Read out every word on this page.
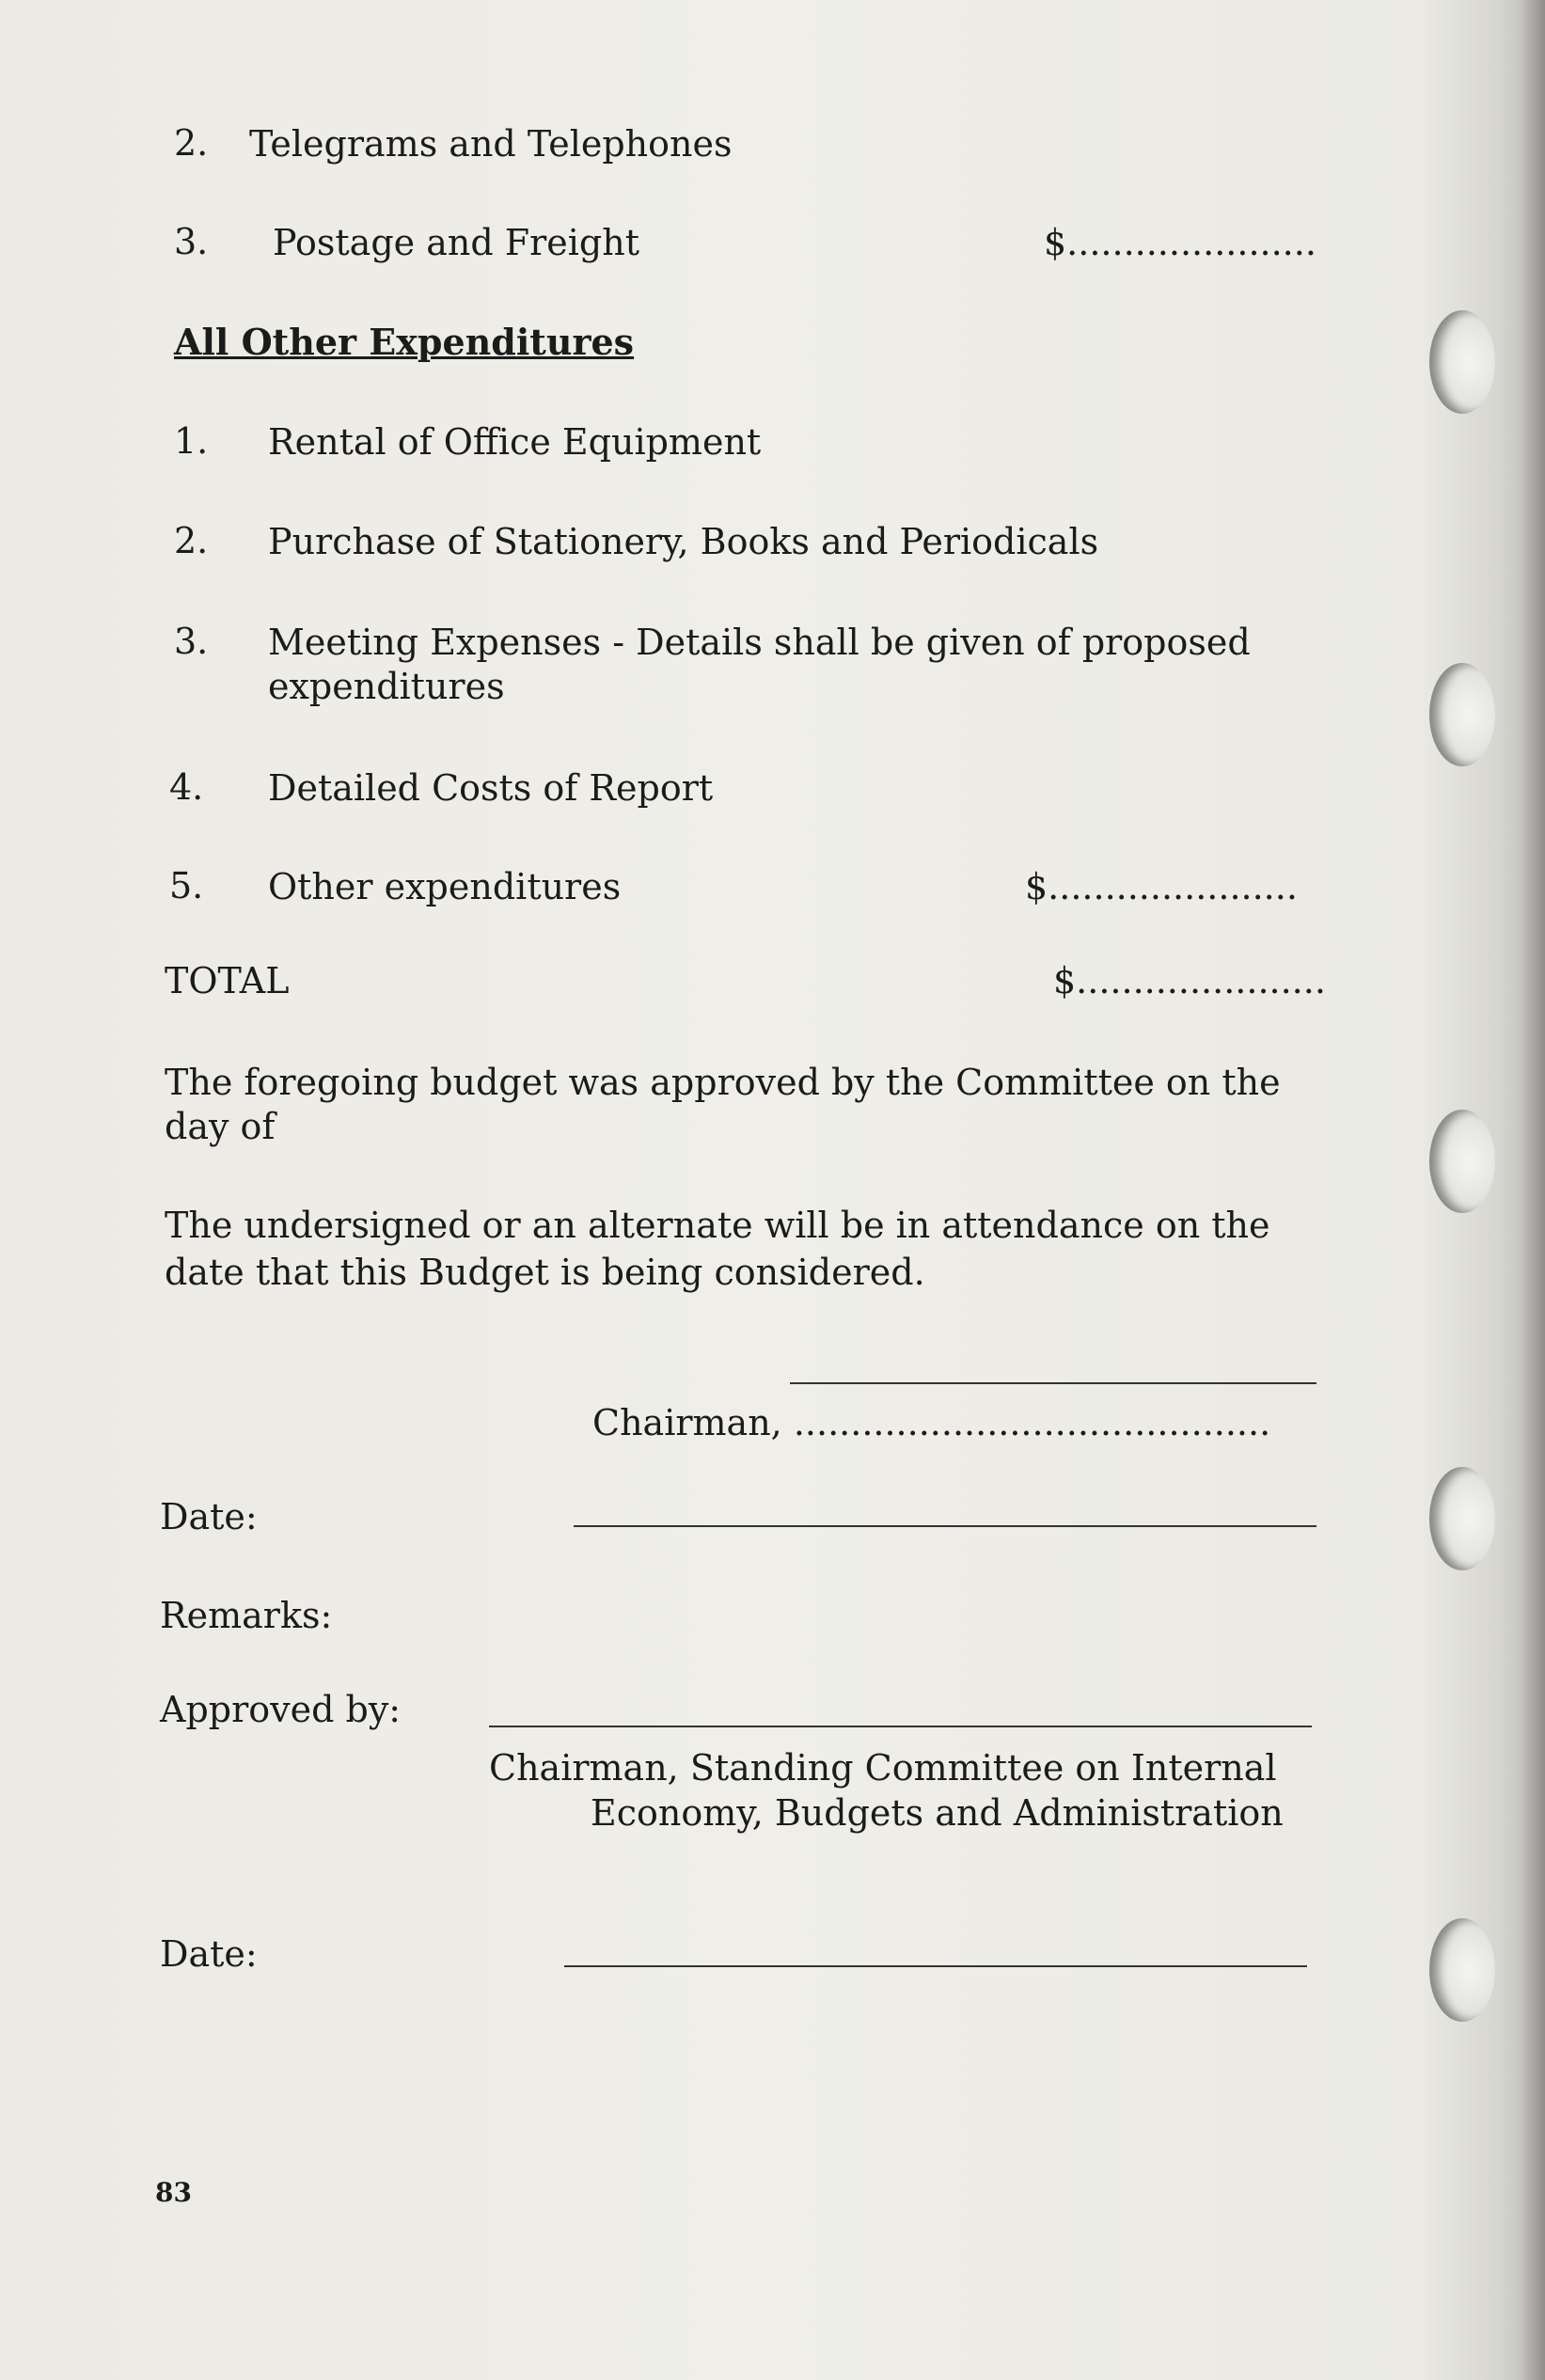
2. Telegrams and Telephones
3. Postage and Freight	$......................
All Other Expenditures
1. Rental of Office Equipment
2. Purchase of Stationery, Books and Periodicals
3. Meeting Expenses - Details shall be given of proposed
expenditures
4. Detailed Costs of Report
5. Other expenditures	$......................
TOTAL	$......................
The foregoing budget was approved by the Committee on the
day of
The undersigned or an alternate will be in attendance on the
date that this Budget is being considered.
Chairman, ..........................................
Date:
Remarks:
Approved by:
Chairman, Standing Committee on Internal
Economy, Budgets and Administration
Date:
83
